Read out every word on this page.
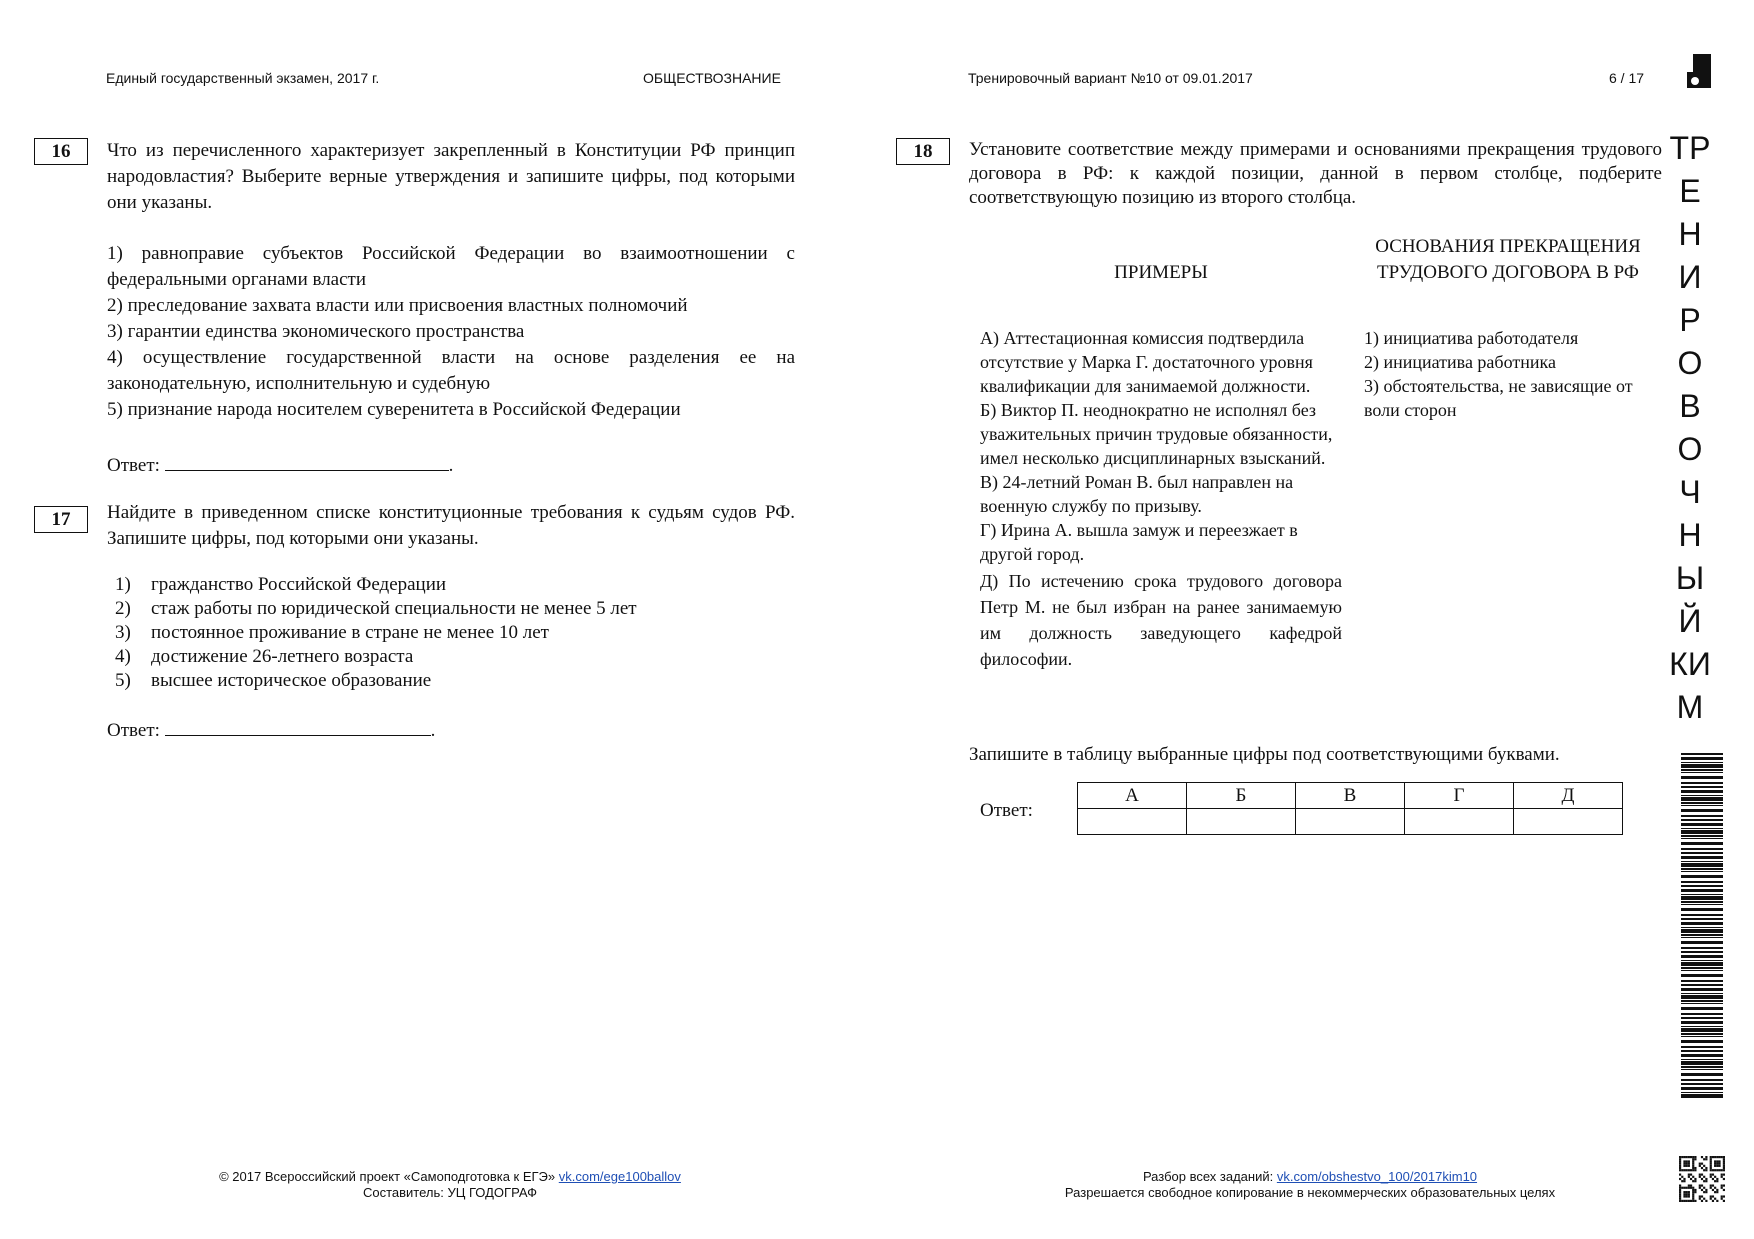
Единый государственный экзамен, 2017 г.	ОБЩЕСТВОЗНАНИЕ	Тренировочный вариант №10 от 09.01.2017	6 / 17
16	Что из перечисленного характеризует закрепленный в Конституции РФ принцип народовластия? Выберите верные утверждения и запишите цифры, под которыми они указаны.

1) равноправие субъектов Российской Федерации во взаимоотношении с федеральными органами власти

2) преследование захвата власти или присвоения властных полномочий

3) гарантии единства экономического пространства

4) осуществление государственной власти на основе разделения ее на законодательную, исполнительную и судебную

5) признание народа носителем суверенитета в Российской Федерации

Ответ:	.
17	Найдите в приведенном списке конституционные требования к судьям судов РФ. Запишите цифры, под которыми они указаны.
1)	гражданство Российской Федерации
2)	стаж работы по юридической специальности не менее 5 лет
3)	постоянное проживание в стране не менее 10 лет
4)	достижение 26-летнего возраста
5)	высшее историческое образование
Ответ:	.
18	Установите соответствие между примерами и основаниями прекращения трудового договора в РФ: к каждой позиции, данной в первом столбце, подберите соответствующую позицию из второго столбца.
ПРИМЕРЫ
ОСНОВАНИЯ ПРЕКРАЩЕНИЯ ТРУДОВОГО ДОГОВОРА В РФ
А) Аттестационная комиссия подтвердила отсутствие у Марка Г. достаточного уровня квалификации для занимаемой должности.
Б) Виктор П. неоднократно не исполнял без уважительных причин трудовые обязанности, имел несколько дисциплинарных взысканий.
В) 24-летний Роман В. был направлен на военную службу по призыву.
Г) Ирина А. вышла замуж и переезжает в другой город.
Д) По истечению срока трудового договора Петр М. не был избран на ранее занимаемую им должность заведующего кафедрой философии.
1) инициатива работодателя
2) инициатива работника
3) обстоятельства, не зависящие от воли сторон
Запишите в таблицу выбранные цифры под соответствующими буквами.
Ответ:
А	Б	В	Г	Д

ТР
Е
Н
И
Р
О
В
О
Ч
Н
Ы
Й
КИ
М
© 2017 Всероссийский проект «Самоподготовка к ЕГЭ» vk.com/ege100ballov
Составитель: УЦ ГОДОГРАФ
Разбор всех заданий: vk.com/obshestvo_100/2017kim10
Разрешается свободное копирование в некоммерческих образовательных целях
